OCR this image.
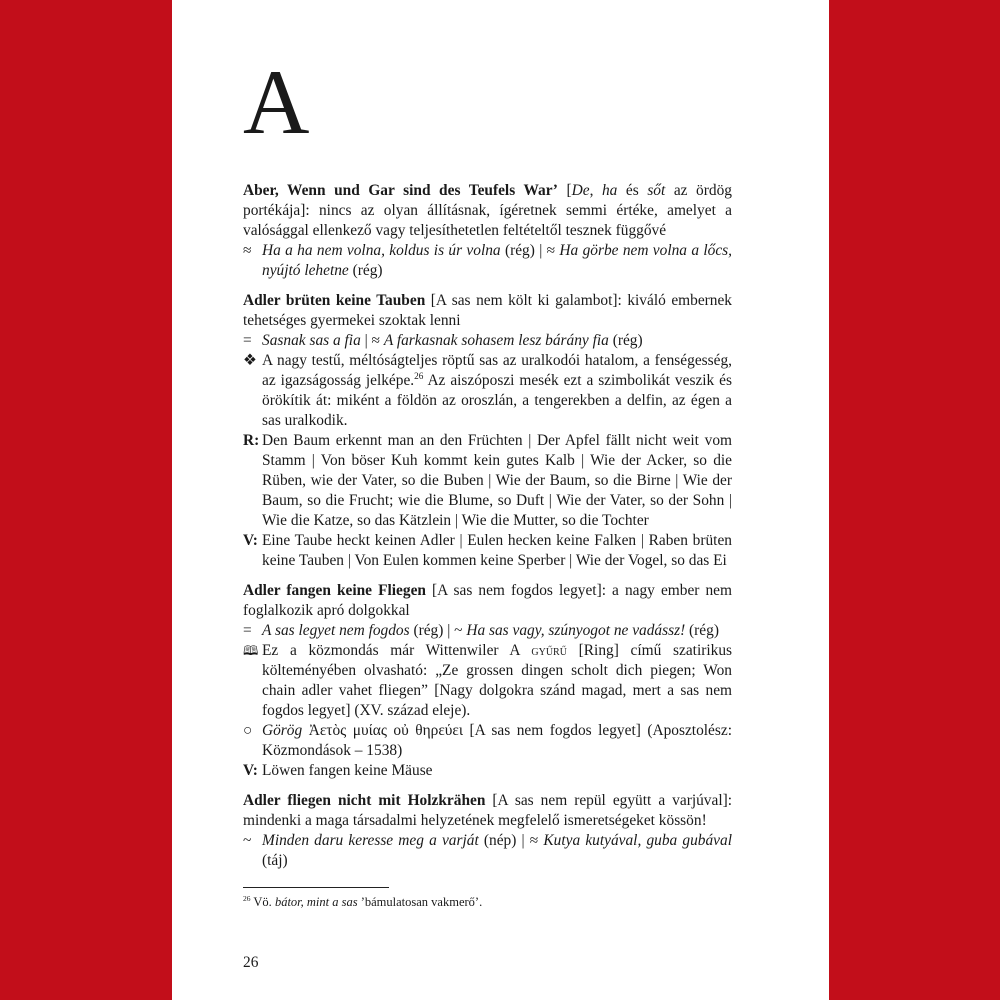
A
Aber, Wenn und Gar sind des Teufels War’ [De, ha és sőt az ördög portékája]: nincs az olyan állításnak, ígéretnek semmi értéke, amelyet a valósággal ellenkező vagy teljesíthetetlen feltételtől tesznek függővé
≈ Ha a ha nem volna, koldus is úr volna (rég) | ≈ Ha görbe nem volna a lőcs, nyújtó lehetne (rég)
Adler brüten keine Tauben [A sas nem költ ki galambot]: kiváló embernek tehetséges gyermekei szoktak lenni
= Sasnak sas a fia | ≈ A farkasnak sohasem lesz bárány fia (rég)
❖ A nagy testű, méltóságteljes röptű sas az uralkodói hatalom, a fenségesség, az igazságosság jelképe.$^{26}$ Az aiszóposzi mesék ezt a szimbolikát veszik és örökítik át: miként a földön az oroszlán, a tengerekben a delfin, az égen a sas uralkodik.
R: Den Baum erkennt man an den Früchten | Der Apfel fällt nicht weit vom Stamm | Von böser Kuh kommt kein gutes Kalb | Wie der Acker, so die Rüben, wie der Vater, so die Buben | Wie der Baum, so die Birne | Wie der Baum, so die Frucht; wie die Blume, so Duft | Wie der Vater, so der Sohn | Wie die Katze, so das Kätzlein | Wie die Mutter, so die Tochter
V: Eine Taube heckt keinen Adler | Eulen hecken keine Falken | Raben brüten keine Tauben | Von Eulen kommen keine Sperber | Wie der Vogel, so das Ei
Adler fangen keine Fliegen [A sas nem fogdos legyet]: a nagy ember nem foglalkozik apró dolgokkal
= A sas legyet nem fogdos (rég) | ~ Ha sas vagy, szúnyogot ne vadássz! (rég)
🕮 Ez a közmondás már Wittenwiler A gyűrű [Ring] című szatirikus költeményében olvasható: „Ze grossen dingen scholt dich piegen; Won chain adler vahet fliegen” [Nagy dolgokra szánd magad, mert a sas nem fogdos legyet] (XV. század eleje).
○ Görög Ἀετὸς μυίας οὐ θηρεύει [A sas nem fogdos legyet] (Aposztolész: Közmondások – 1538)
V: Löwen fangen keine Mäuse
Adler fliegen nicht mit Holzkrähen [A sas nem repül együtt a varjúval]: mindenki a maga társadalmi helyzetének megfelelő ismeretségeket kössön!
~ Minden daru keresse meg a varját (nép) | ≈ Kutya kutyával, guba gubával (táj)
$^{26}$ Vö. bátor, mint a sas ’bámulatosan vakmerő’.
26
